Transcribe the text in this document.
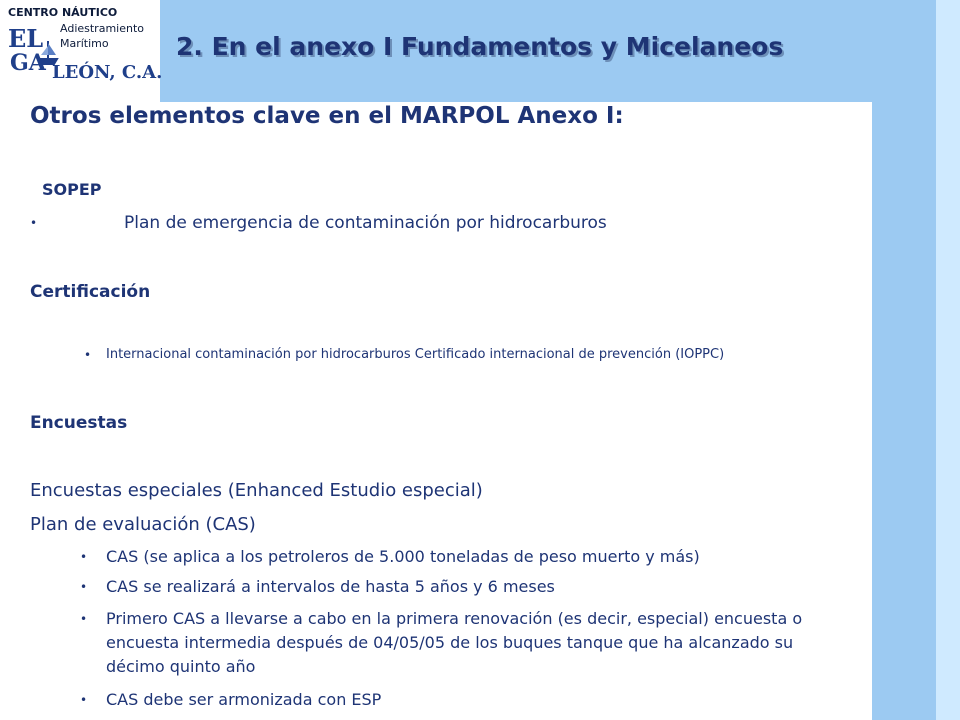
CENTRO NÁUTICO
Adiestramiento
Marítimo
EL
GA LEÓN, C.A.
2. En el anexo I Fundamentos y Micelaneos
Otros elementos clave en el MARPOL Anexo I:
SOPEP
•	Plan de emergencia de contaminación por hidrocarburos
Certificación
• Internacional contaminación por hidrocarburos Certificado internacional de prevención (IOPPC)
Encuestas
Encuestas especiales (Enhanced Estudio especial)
Plan de evaluación (CAS)
• CAS (se aplica a los petroleros de 5.000 toneladas de peso muerto y más)
• CAS se realizará a intervalos de hasta 5 años y 6 meses
• Primero CAS a llevarse a cabo en la primera renovación (es decir, especial) encuesta o
encuesta intermedia después de 04/05/05 de los buques tanque que ha alcanzado su
décimo quinto año
• CAS debe ser armonizada con ESP
